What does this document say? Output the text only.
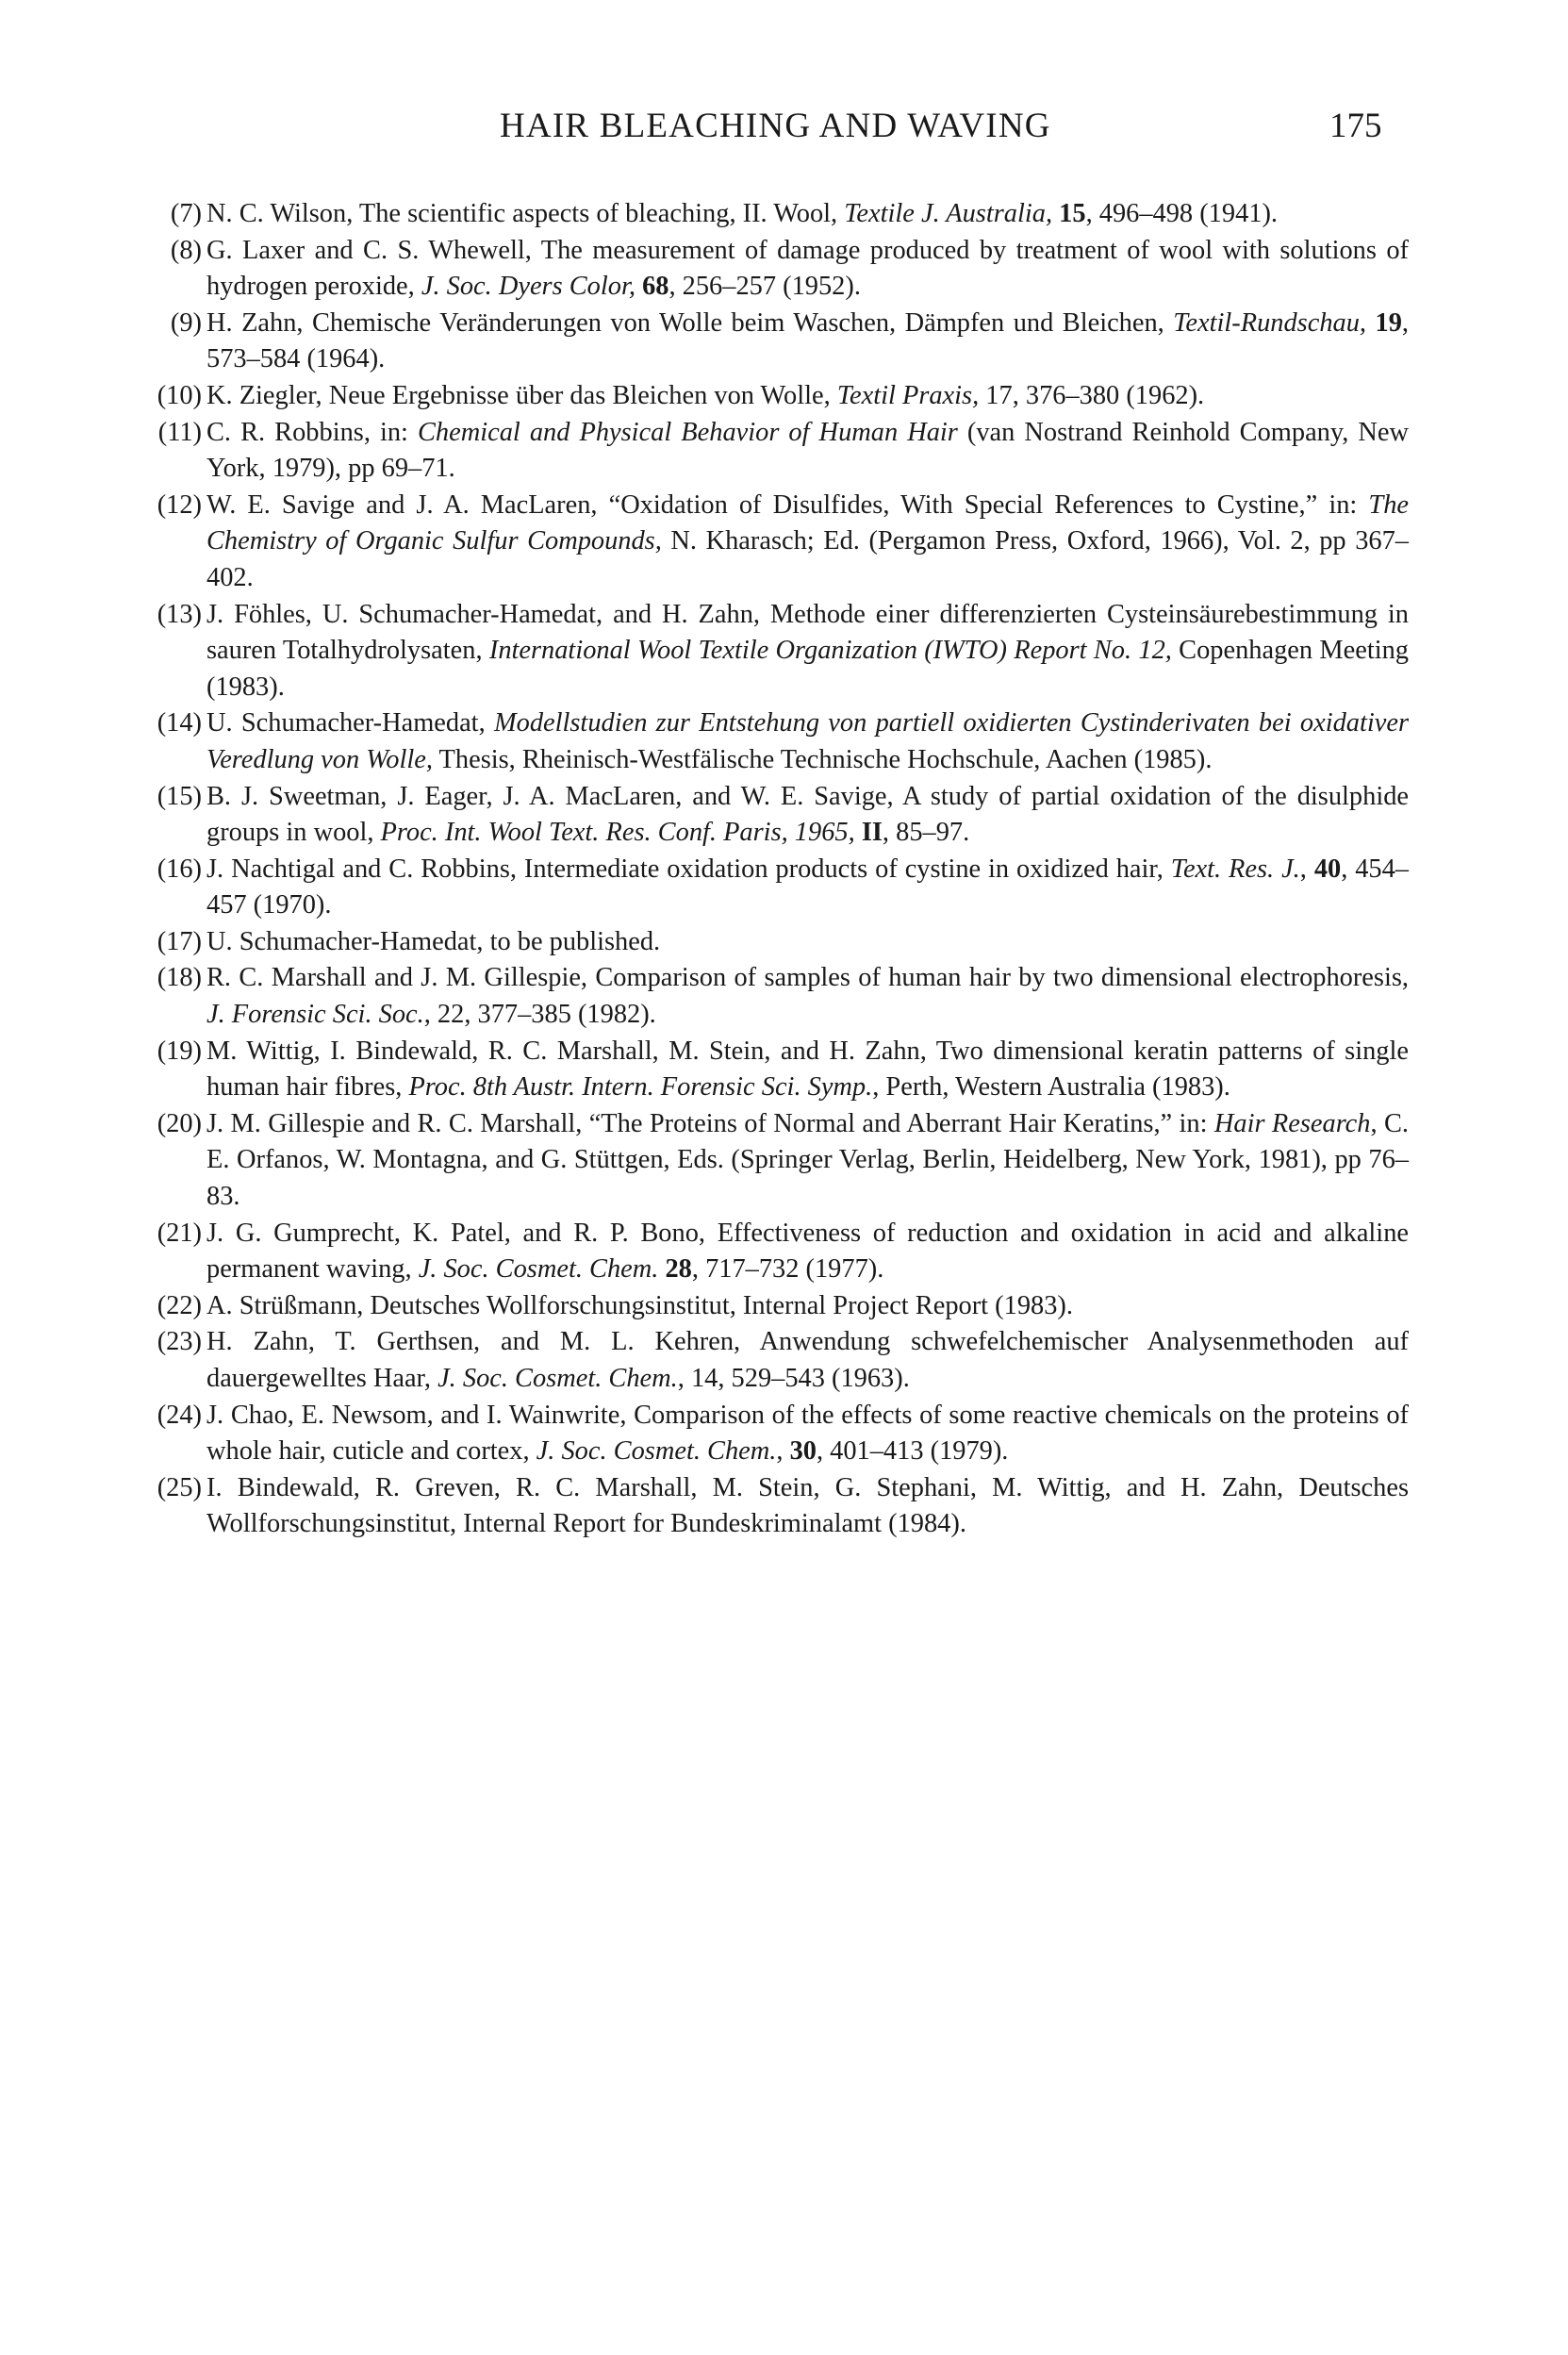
HAIR BLEACHING AND WAVING	175
(7) N. C. Wilson, The scientific aspects of bleaching, II. Wool, Textile J. Australia, 15, 496–498 (1941).
(8) G. Laxer and C. S. Whewell, The measurement of damage produced by treatment of wool with solutions of hydrogen peroxide, J. Soc. Dyers Color, 68, 256–257 (1952).
(9) H. Zahn, Chemische Veränderungen von Wolle beim Waschen, Dämpfen und Bleichen, Textil-Rundschau, 19, 573–584 (1964).
(10) K. Ziegler, Neue Ergebnisse über das Bleichen von Wolle, Textil Praxis, 17, 376–380 (1962).
(11) C. R. Robbins, in: Chemical and Physical Behavior of Human Hair (van Nostrand Reinhold Company, New York, 1979), pp 69–71.
(12) W. E. Savige and J. A. MacLaren, “Oxidation of Disulfides, With Special References to Cystine,” in: The Chemistry of Organic Sulfur Compounds, N. Kharasch; Ed. (Pergamon Press, Oxford, 1966), Vol. 2, pp 367–402.
(13) J. Föhles, U. Schumacher-Hamedat, and H. Zahn, Methode einer differenzierten Cysteinsäurebestimmung in sauren Totalhydrolysaten, International Wool Textile Organization (IWTO) Report No. 12, Copenhagen Meeting (1983).
(14) U. Schumacher-Hamedat, Modellstudien zur Entstehung von partiell oxidierten Cystinderivaten bei oxidativer Veredlung von Wolle, Thesis, Rheinisch-Westfälische Technische Hochschule, Aachen (1985).
(15) B. J. Sweetman, J. Eager, J. A. MacLaren, and W. E. Savige, A study of partial oxidation of the disulphide groups in wool, Proc. Int. Wool Text. Res. Conf. Paris, 1965, II, 85–97.
(16) J. Nachtigal and C. Robbins, Intermediate oxidation products of cystine in oxidized hair, Text. Res. J., 40, 454–457 (1970).
(17) U. Schumacher-Hamedat, to be published.
(18) R. C. Marshall and J. M. Gillespie, Comparison of samples of human hair by two dimensional electrophoresis, J. Forensic Sci. Soc., 22, 377–385 (1982).
(19) M. Wittig, I. Bindewald, R. C. Marshall, M. Stein, and H. Zahn, Two dimensional keratin patterns of single human hair fibres, Proc. 8th Austr. Intern. Forensic Sci. Symp., Perth, Western Australia (1983).
(20) J. M. Gillespie and R. C. Marshall, “The Proteins of Normal and Aberrant Hair Keratins,” in: Hair Research, C. E. Orfanos, W. Montagna, and G. Stüttgen, Eds. (Springer Verlag, Berlin, Heidelberg, New York, 1981), pp 76–83.
(21) J. G. Gumprecht, K. Patel, and R. P. Bono, Effectiveness of reduction and oxidation in acid and alkaline permanent waving, J. Soc. Cosmet. Chem. 28, 717–732 (1977).
(22) A. Strüßmann, Deutsches Wollforschungsinstitut, Internal Project Report (1983).
(23) H. Zahn, T. Gerthsen, and M. L. Kehren, Anwendung schwefelchemischer Analysenmethoden auf dauergewelltes Haar, J. Soc. Cosmet. Chem., 14, 529–543 (1963).
(24) J. Chao, E. Newsom, and I. Wainwrite, Comparison of the effects of some reactive chemicals on the proteins of whole hair, cuticle and cortex, J. Soc. Cosmet. Chem., 30, 401–413 (1979).
(25) I. Bindewald, R. Greven, R. C. Marshall, M. Stein, G. Stephani, M. Wittig, and H. Zahn, Deutsches Wollforschungsinstitut, Internal Report for Bundeskriminalamt (1984).
